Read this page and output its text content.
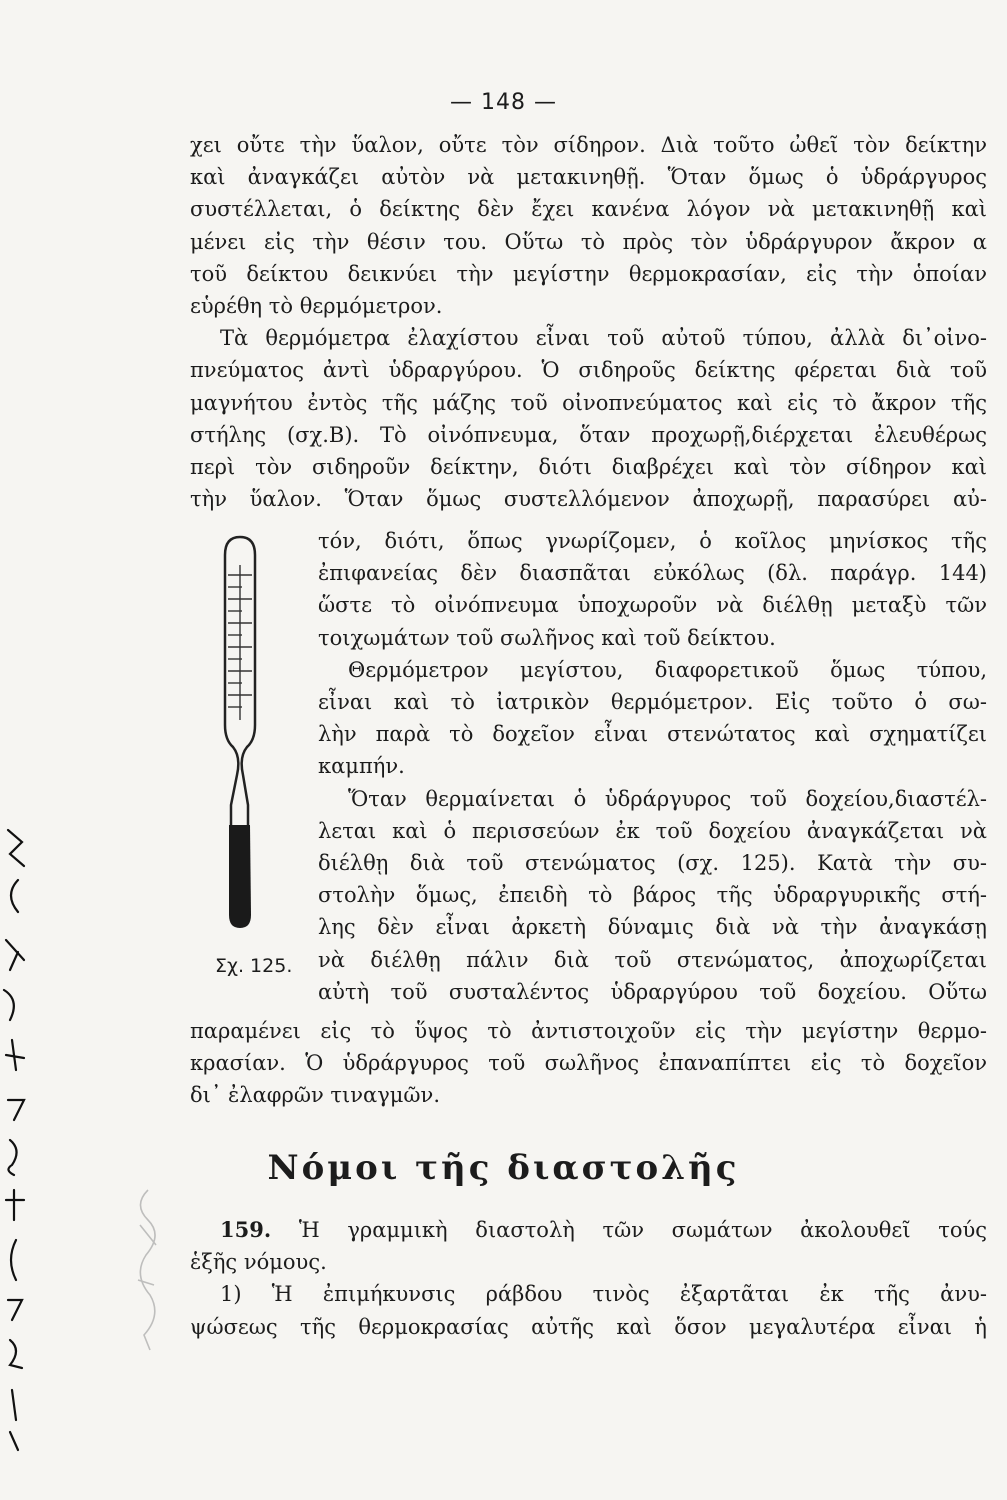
— 148 —
χει οὔτε τὴν ὕαλον, οὔτε τὸν σίδηρον. Διὰ τοῦτο ὠθεῖ τὸν δείκτην
καὶ ἀναγκάζει αὐτὸν νὰ μετακινηθῇ. Ὅταν ὅμως ὁ ὑδράργυρος
συστέλλεται, ὁ δείκτης δὲν ἔχει κανένα λόγον νὰ μετακινηθῇ καὶ
μένει εἰς τὴν θέσιν του. Οὕτω τὸ πρὸς τὸν ὑδράργυρον ἄκρον α
τοῦ δείκτου δεικνύει τὴν μεγίστην θερμοκρασίαν, εἰς τὴν ὁποίαν
εὑρέθη τὸ θερμόμετρον.
Τὰ θερμόμετρα ἐλαχίστου εἶναι τοῦ αὐτοῦ τύπου, ἀλλὰ δι᾿οἰνο-
πνεύματος ἀντὶ ὑδραργύρου. Ὁ σιδηροῦς δείκτης φέρεται διὰ τοῦ
μαγνήτου ἐντὸς τῆς μάζης τοῦ οἰνοπνεύματος καὶ εἰς τὸ ἄκρον τῆς
στήλης (σχ.Β). Τὸ οἰνόπνευμα, ὅταν προχωρῇ,διέρχεται ἐλευθέρως
περὶ τὸν σιδηροῦν δείκτην, διότι διαβρέχει καὶ τὸν σίδηρον καὶ
τὴν ὕαλον. Ὅταν ὅμως συστελλόμενον ἀποχωρῇ, παρασύρει αὐ-
τόν, διότι, ὅπως γνωρίζομεν, ὁ κοῖλος μηνίσκος τῆς
ἐπιφανείας δὲν διασπᾶται εὐκόλως (δλ. παράγρ. 144)
ὥστε τὸ οἰνόπνευμα ὑποχωροῦν νὰ διέλθῃ μεταξὺ τῶν
τοιχωμάτων τοῦ σωλῆνος καὶ τοῦ δείκτου.
Θερμόμετρον μεγίστου, διαφορετικοῦ ὅμως τύπου,
εἶναι καὶ τὸ ἰατρικὸν θερμόμετρον. Εἰς τοῦτο ὁ σω-
λὴν παρὰ τὸ δοχεῖον εἶναι στενώτατος καὶ σχηματίζει
καμπήν.
Ὅταν θερμαίνεται ὁ ὑδράργυρος τοῦ δοχείου,διαστέλ-
λεται καὶ ὁ περισσεύων ἐκ τοῦ δοχείου ἀναγκάζεται νὰ
διέλθῃ διὰ τοῦ στενώματος (σχ. 125). Κατὰ τὴν συ-
στολὴν ὅμως, ἐπειδὴ τὸ βάρος τῆς ὑδραργυρικῆς στή-
λης δὲν εἶναι ἀρκετὴ δύναμις διὰ νὰ τὴν ἀναγκάσῃ
νὰ διέλθῃ πάλιν διὰ τοῦ στενώματος, ἀποχωρίζεται
αὐτὴ τοῦ συσταλέντος ὑδραργύρου τοῦ δοχείου. Οὕτω
Σχ. 125.
παραμένει εἰς τὸ ὕψος τὸ ἀντιστοιχοῦν εἰς τὴν μεγίστην θερμο-
κρασίαν. Ὁ ὑδράργυρος τοῦ σωλῆνος ἐπαναπίπτει εἰς τὸ δοχεῖον
δι᾿ ἐλαφρῶν τιναγμῶν.
Νόμοι τῆς διαστολῆς
159. Ἡ γραμμικὴ διαστολὴ τῶν σωμάτων ἀκολουθεῖ τούς
ἑξῆς νόμους.
1) Ἡ ἐπιμήκυνσις ράβδου τινὸς ἐξαρτᾶται ἐκ τῆς ἀνυ-
ψώσεως τῆς θερμοκρασίας αὐτῆς καὶ ὅσον μεγαλυτέρα εἶναι ἡ
